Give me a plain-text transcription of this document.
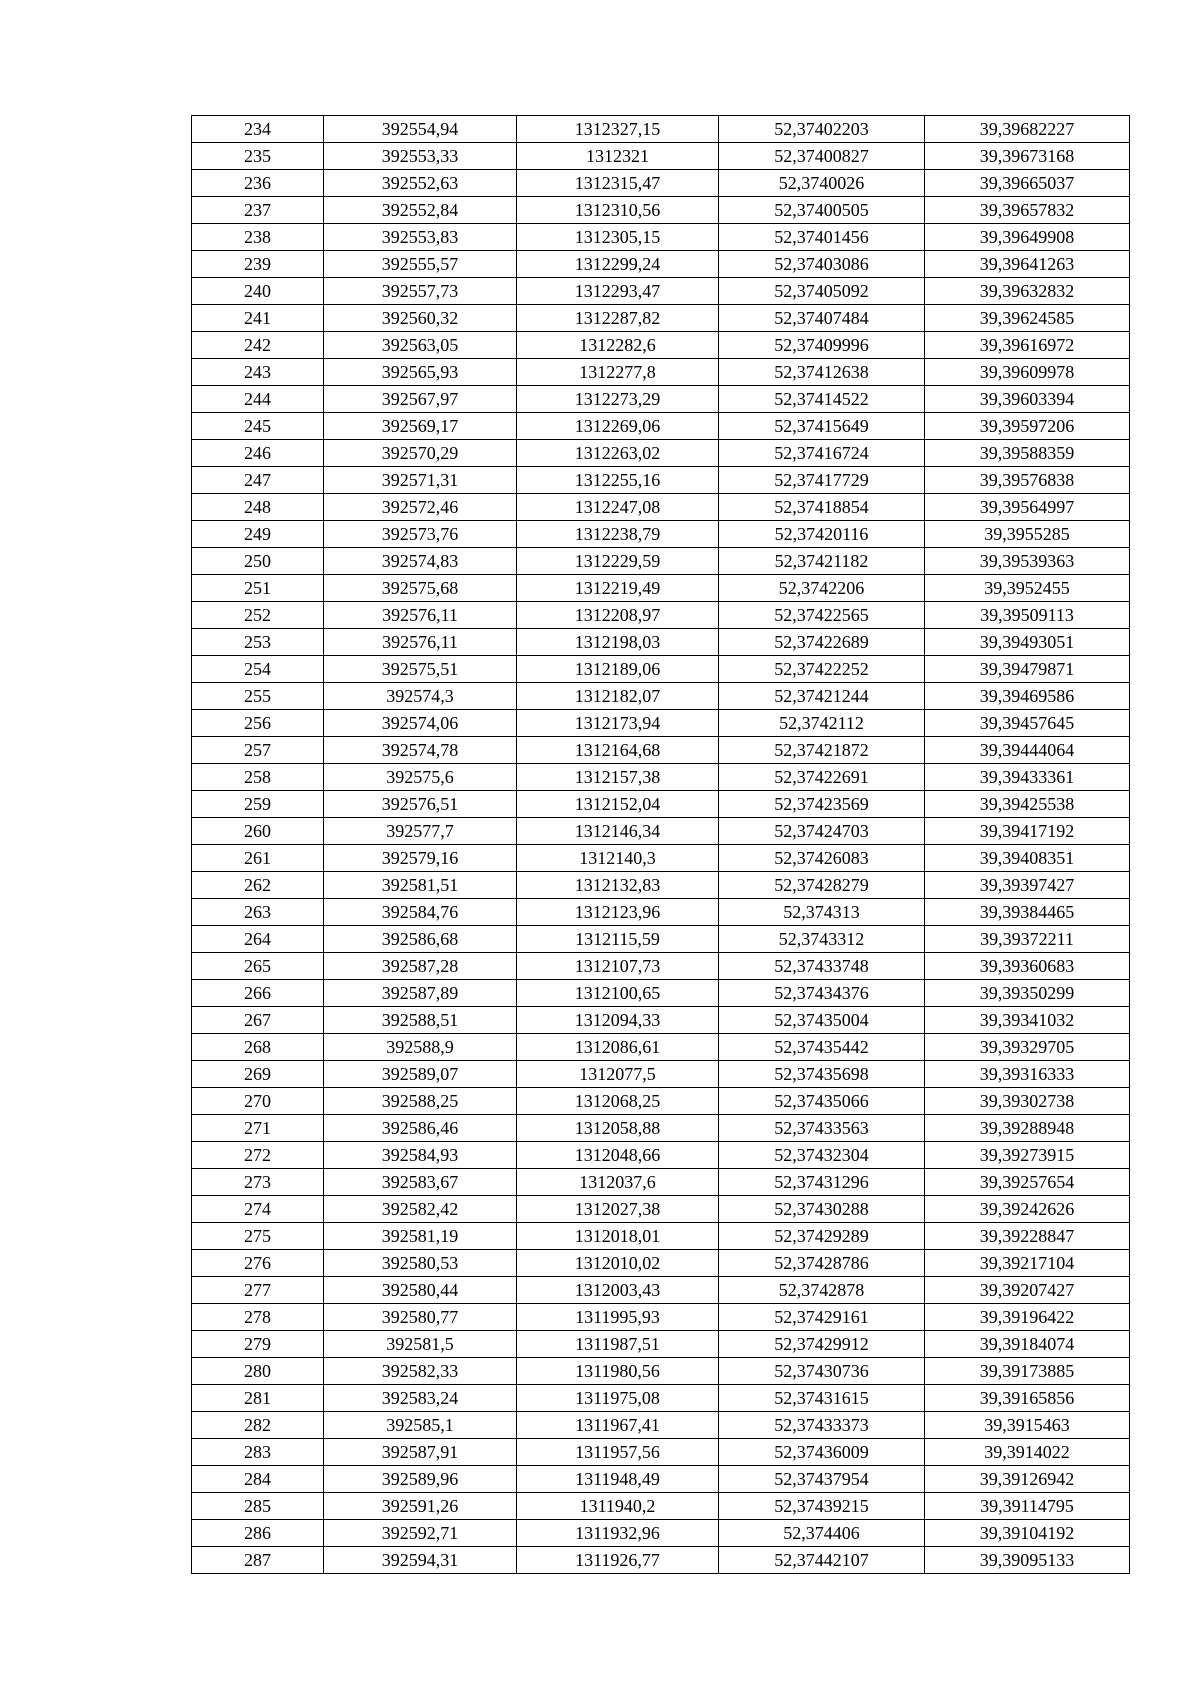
234	392554,94	1312327,15	52,37402203	39,39682227
235	392553,33	1312321	52,37400827	39,39673168
236	392552,63	1312315,47	52,3740026	39,39665037
237	392552,84	1312310,56	52,37400505	39,39657832
238	392553,83	1312305,15	52,37401456	39,39649908
239	392555,57	1312299,24	52,37403086	39,39641263
240	392557,73	1312293,47	52,37405092	39,39632832
241	392560,32	1312287,82	52,37407484	39,39624585
242	392563,05	1312282,6	52,37409996	39,39616972
243	392565,93	1312277,8	52,37412638	39,39609978
244	392567,97	1312273,29	52,37414522	39,39603394
245	392569,17	1312269,06	52,37415649	39,39597206
246	392570,29	1312263,02	52,37416724	39,39588359
247	392571,31	1312255,16	52,37417729	39,39576838
248	392572,46	1312247,08	52,37418854	39,39564997
249	392573,76	1312238,79	52,37420116	39,3955285
250	392574,83	1312229,59	52,37421182	39,39539363
251	392575,68	1312219,49	52,3742206	39,3952455
252	392576,11	1312208,97	52,37422565	39,39509113
253	392576,11	1312198,03	52,37422689	39,39493051
254	392575,51	1312189,06	52,37422252	39,39479871
255	392574,3	1312182,07	52,37421244	39,39469586
256	392574,06	1312173,94	52,3742112	39,39457645
257	392574,78	1312164,68	52,37421872	39,39444064
258	392575,6	1312157,38	52,37422691	39,39433361
259	392576,51	1312152,04	52,37423569	39,39425538
260	392577,7	1312146,34	52,37424703	39,39417192
261	392579,16	1312140,3	52,37426083	39,39408351
262	392581,51	1312132,83	52,37428279	39,39397427
263	392584,76	1312123,96	52,374313	39,39384465
264	392586,68	1312115,59	52,3743312	39,39372211
265	392587,28	1312107,73	52,37433748	39,39360683
266	392587,89	1312100,65	52,37434376	39,39350299
267	392588,51	1312094,33	52,37435004	39,39341032
268	392588,9	1312086,61	52,37435442	39,39329705
269	392589,07	1312077,5	52,37435698	39,39316333
270	392588,25	1312068,25	52,37435066	39,39302738
271	392586,46	1312058,88	52,37433563	39,39288948
272	392584,93	1312048,66	52,37432304	39,39273915
273	392583,67	1312037,6	52,37431296	39,39257654
274	392582,42	1312027,38	52,37430288	39,39242626
275	392581,19	1312018,01	52,37429289	39,39228847
276	392580,53	1312010,02	52,37428786	39,39217104
277	392580,44	1312003,43	52,3742878	39,39207427
278	392580,77	1311995,93	52,37429161	39,39196422
279	392581,5	1311987,51	52,37429912	39,39184074
280	392582,33	1311980,56	52,37430736	39,39173885
281	392583,24	1311975,08	52,37431615	39,39165856
282	392585,1	1311967,41	52,37433373	39,3915463
283	392587,91	1311957,56	52,37436009	39,3914022
284	392589,96	1311948,49	52,37437954	39,39126942
285	392591,26	1311940,2	52,37439215	39,39114795
286	392592,71	1311932,96	52,374406	39,39104192
287	392594,31	1311926,77	52,37442107	39,39095133
